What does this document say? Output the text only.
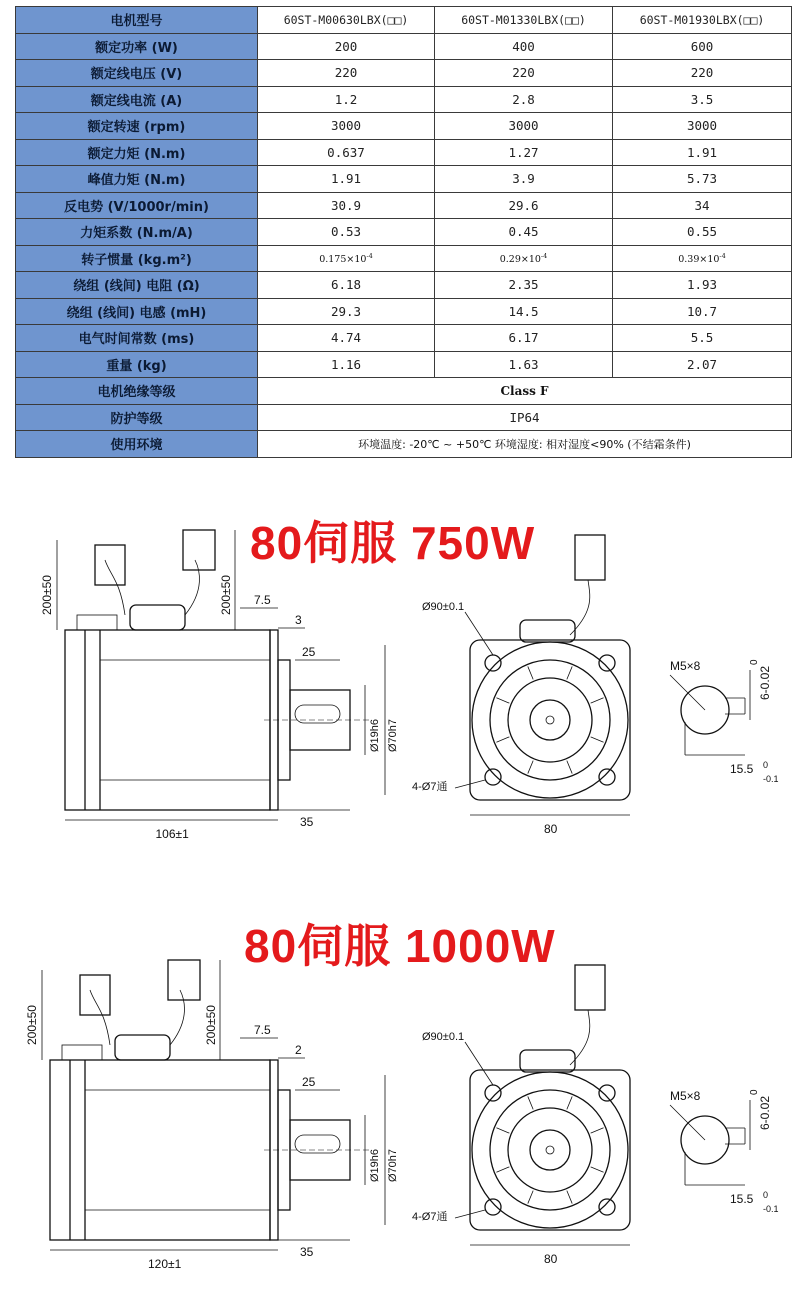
电机型号	60ST-M00630LBX(□□)	60ST-M01330LBX(□□)	60ST-M01930LBX(□□)
额定功率 (W)	200	400	600
额定线电压 (V)	220	220	220
额定线电流 (A)	1.2	2.8	3.5
额定转速 (rpm)	3000	3000	3000
额定力矩 (N.m)	0.637	1.27	1.91
峰值力矩 (N.m)	1.91	3.9	5.73
反电势 (V/1000r/min)	30.9	29.6	34
力矩系数 (N.m/A)	0.53	0.45	0.55
转子惯量 (kg.m²)	$0.175\times 10^{-4}$	$0.29\times 10^{-4}$	$0.39\times 10^{-4}$
绕组 (线间) 电阻 (Ω)	6.18	2.35	1.93
绕组 (线间) 电感 (mH)	29.3	14.5	10.7
电气时间常数 (ms)	4.74	6.17	5.5
重量 (kg)	1.16	1.63	2.07
电机绝缘等级	Class F		
防护等级	IP64		
使用环境	环境温度: -20℃ ~ +50℃ 环境湿度: 相对湿度<90% (不结霜条件)		
80伺服 750W
80伺服 1000W
200±50	200±50 7.5
3
25
Ø19h6 Ø70h7
106±1
35
Ø90±0.1
4-Ø7通
80
M5×8	6-0.02
0
15.5 0
-0.1
200±50	200±50	7.5
2
25
Ø19h6 Ø70h7
120±1
35
Ø90±0.1
4-Ø7通
80
M5×8	6-0.02
0
15.5 0
-0.1
